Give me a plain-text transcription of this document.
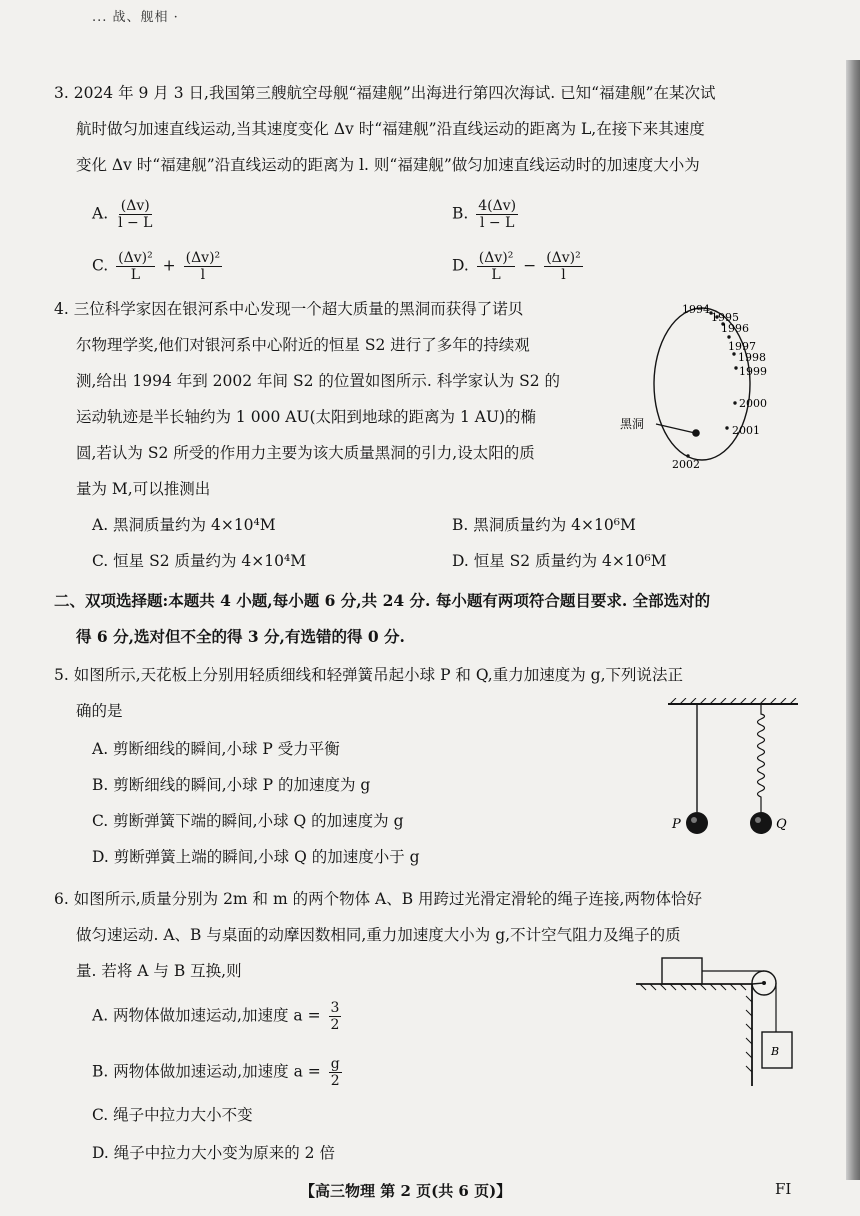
... 战、舰相 ·
3. 2024 年 9 月 3 日,我国第三艘航空母舰“福建舰”出海进行第四次海试. 已知“福建舰”在某次试
航时做匀加速直线运动,当其速度变化 Δv 时“福建舰”沿直线运动的距离为 L,在接下来其速度
变化 Δv 时“福建舰”沿直线运动的距离为 l. 则“福建舰”做匀加速直线运动时的加速度大小为
A. $\frac{(\Delta v)}{l - L}$	B. $\frac{4(\Delta v)}{l - L}$
C. $\frac{\text{(Δv)²}}{L} + \frac{\text{(Δv)²}}{l}$	D. $\frac{\text{(Δv)²}}{L} - \frac{\text{(Δv)²}}{l}$
4. 三位科学家因在银河系中心发现一个超大质量的黑洞而获得了诺贝
尔物理学奖,他们对银河系中心附近的恒星 S2 进行了多年的持续观
测,给出 1994 年到 2002 年间 S2 的位置如图所示. 科学家认为 S2 的
运动轨迹是半长轴约为 1 000 AU(太阳到地球的距离为 1 AU)的椭
圆,若认为 S2 所受的作用力主要为该大质量黑洞的引力,设太阳的质
量为 M,可以推测出
A. 黑洞质量约为 4×10⁴M	B. 黑洞质量约为 4×10⁶M
C. 恒星 S2 质量约为 4×10⁴M	D. 恒星 S2 质量约为 4×10⁶M
黑洞
1994
1995
1996
1997
1998
1999
2000
2001
2002
二、双项选择题:本题共 4 小题,每小题 6 分,共 24 分. 每小题有两项符合题目要求. 全部选对的
得 6 分,选对但不全的得 3 分,有选错的得 0 分.
5. 如图所示,天花板上分别用轻质细线和轻弹簧吊起小球 P 和 Q,重力加速度为 g,下列说法正
确的是
A. 剪断细线的瞬间,小球 P 受力平衡
B. 剪断细线的瞬间,小球 P 的加速度为 g
C. 剪断弹簧下端的瞬间,小球 Q 的加速度为 g
D. 剪断弹簧上端的瞬间,小球 Q 的加速度小于 g
P	Q
6. 如图所示,质量分别为 2m 和 m 的两个物体 A、B 用跨过光滑定滑轮的绳子连接,两物体恰好
做匀速运动. A、B 与桌面的动摩因数相同,重力加速度大小为 g,不计空气阻力及绳子的质
量. 若将 A 与 B 互换,则
A. 两物体做加速运动,加速度 $a = \frac{3}{2}$
B. 两物体做加速运动,加速度 $a = \frac{g}{2}$
C. 绳子中拉力大小不变
D. 绳子中拉力大小变为原来的 2 倍
B
【高三物理 第 2 页(共 6 页)】	FI
